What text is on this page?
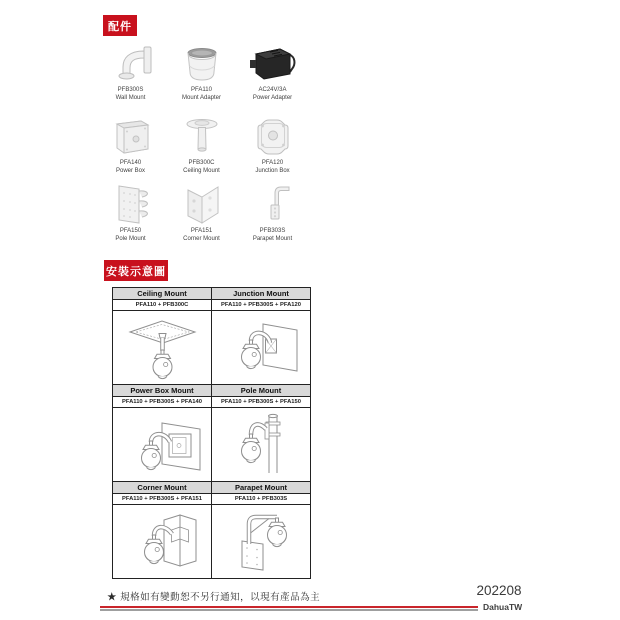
配件
PFB300S
Wall Mount
PFA110
Mount Adapter
AC24V/3A
Power Adapter
PFA140
Power Box
PFB300C
Ceiling Mount
PFA120
Junction Box
PFA150
Pole Mount
PFA151
Corner Mount
PFB303S
Parapet Mount
安裝示意圖
Ceiling Mount	Junction Mount
PFA110 + PFB300C	PFA110 + PFB300S + PFA120

Power Box Mount	Pole Mount
PFA110 + PFB300S + PFA140	PFA110 + PFB300S + PFA150

Corner Mount	Parapet Mount
PFA110 + PFB300S + PFA151	PFA110 + PFB303S

★ 規格如有變動恕不另行通知，以現有產品為主	202208
DahuaTW
